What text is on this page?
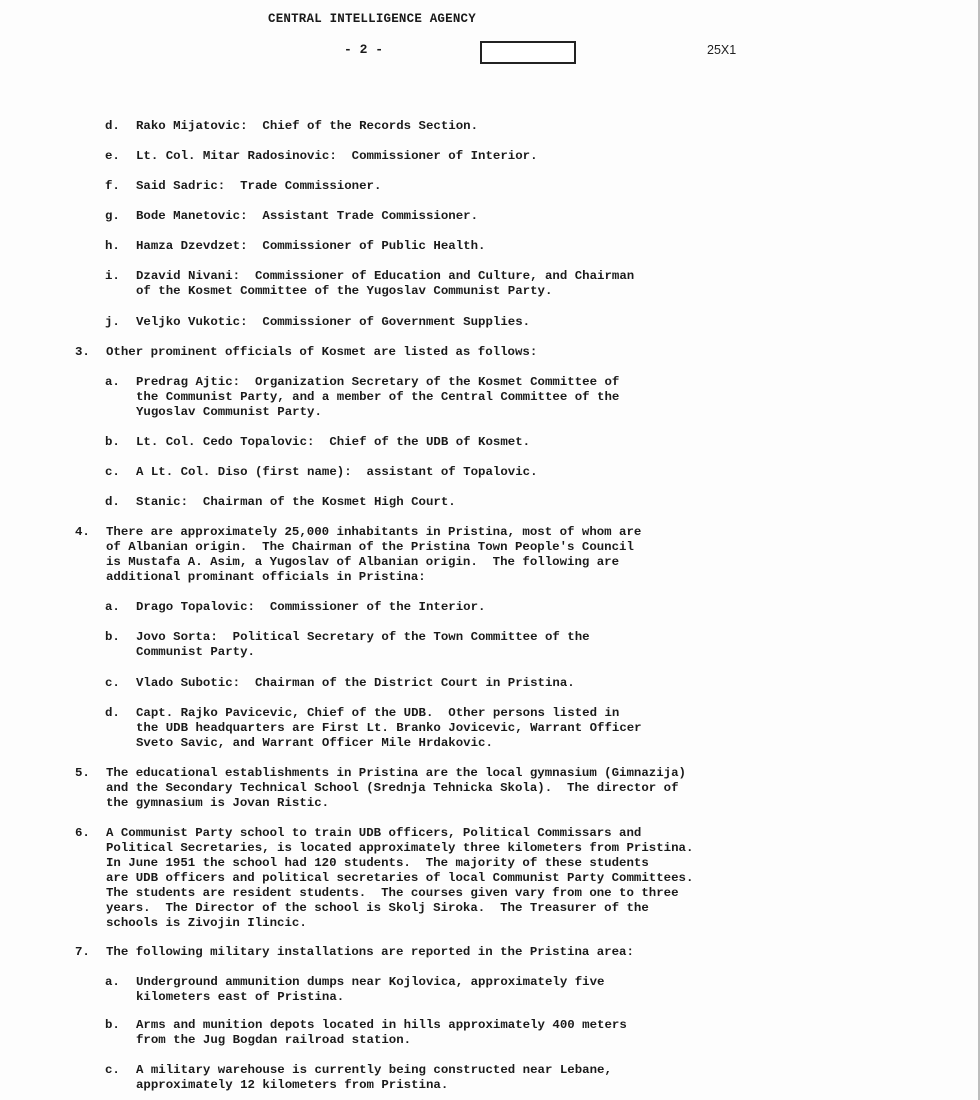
CENTRAL INTELLIGENCE AGENCY
- 2 -	25X1
d. Rako Mijatovic:  Chief of the Records Section.
e. Lt. Col. Mitar Radosinovic:  Commissioner of Interior.
f. Said Sadric:  Trade Commissioner.
g. Bode Manetovic:  Assistant Trade Commissioner.
h. Hamza Dzevdzet:  Commissioner of Public Health.
i. Dzavid Nivani:  Commissioner of Education and Culture, and Chairman
of the Kosmet Committee of the Yugoslav Communist Party.
j. Veljko Vukotic:  Commissioner of Government Supplies.
3. Other prominent officials of Kosmet are listed as follows:
a. Predrag Ajtic:  Organization Secretary of the Kosmet Committee of
the Communist Party, and a member of the Central Committee of the
Yugoslav Communist Party.
b. Lt. Col. Cedo Topalovic:  Chief of the UDB of Kosmet.
c. A Lt. Col. Diso (first name):  assistant of Topalovic.
d. Stanic:  Chairman of the Kosmet High Court.
4. There are approximately 25,000 inhabitants in Pristina, most of whom are
of Albanian origin.  The Chairman of the Pristina Town People's Council
is Mustafa A. Asim, a Yugoslav of Albanian origin.  The following are
additional prominant officials in Pristina:
a. Drago Topalovic:  Commissioner of the Interior.
b. Jovo Sorta:  Political Secretary of the Town Committee of the
Communist Party.
c. Vlado Subotic:  Chairman of the District Court in Pristina.
d. Capt. Rajko Pavicevic, Chief of the UDB.  Other persons listed in
the UDB headquarters are First Lt. Branko Jovicevic, Warrant Officer
Sveto Savic, and Warrant Officer Mile Hrdakovic.
5. The educational establishments in Pristina are the local gymnasium (Gimnazija)
and the Secondary Technical School (Srednja Tehnicka Skola).  The director of
the gymnasium is Jovan Ristic.
6. A Communist Party school to train UDB officers, Political Commissars and
Political Secretaries, is located approximately three kilometers from Pristina.
In June 1951 the school had 120 students.  The majority of these students
are UDB officers and political secretaries of local Communist Party Committees.
The students are resident students.  The courses given vary from one to three
years.  The Director of the school is Skolj Siroka.  The Treasurer of the
schools is Zivojin Ilincic.
7. The following military installations are reported in the Pristina area:
a. Underground ammunition dumps near Kojlovica, approximately five
kilometers east of Pristina.
b. Arms and munition depots located in hills approximately 400 meters
from the Jug Bogdan railroad station.
c. A military warehouse is currently being constructed near Lebane,
approximately 12 kilometers from Pristina.
